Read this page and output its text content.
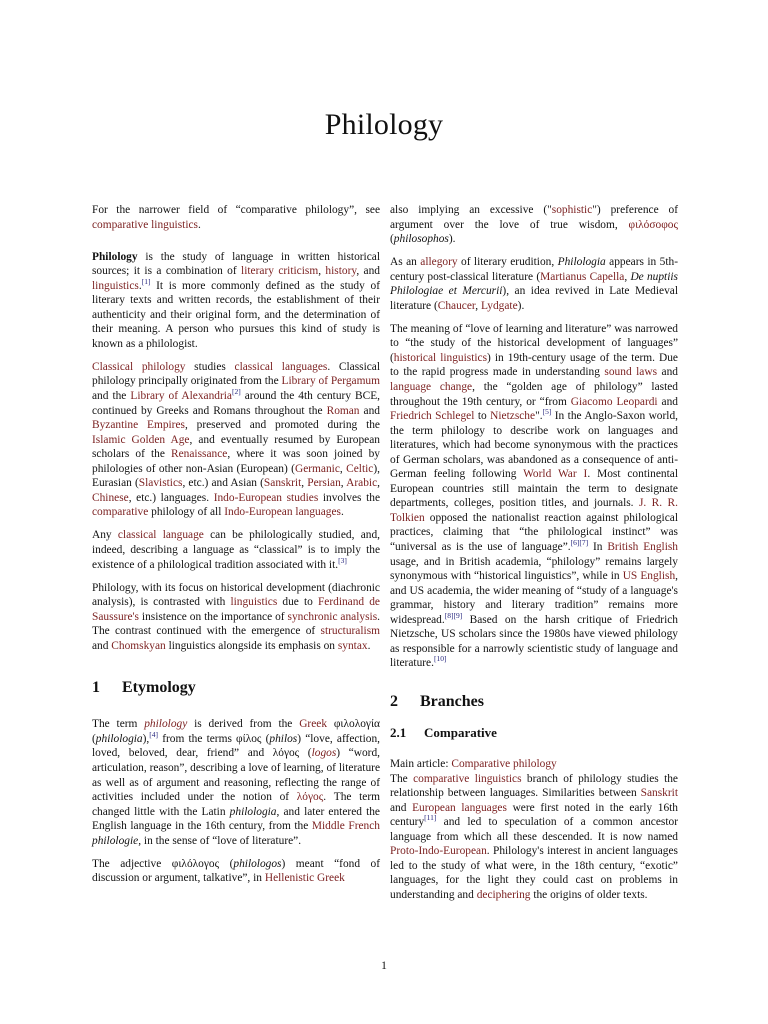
Philology

For the narrower field of “comparative philology”, see comparative linguistics.

Philology is the study of language in written historical sources; it is a combination of literary criticism, history, and linguistics.[1] It is more commonly defined as the study of literary texts and written records, the establishment of their authenticity and their original form, and the determination of their meaning. A person who pursues this kind of study is known as a philologist.

Classical philology studies classical languages. Classical philology principally originated from the Library of Pergamum and the Library of Alexandria[2] around the 4th century BCE, continued by Greeks and Romans throughout the Roman and Byzantine Empires, preserved and promoted during the Islamic Golden Age, and eventually resumed by European scholars of the Renaissance, where it was soon joined by philologies of other non-Asian (European) (Germanic, Celtic), Eurasian (Slavistics, etc.) and Asian (Sanskrit, Persian, Arabic, Chinese, etc.) languages. Indo-European studies involves the comparative philology of all Indo-European languages.

Any classical language can be philologically studied, and, indeed, describing a language as “classical” is to imply the existence of a philological tradition associated with it.[3]

Philology, with its focus on historical development (diachronic analysis), is contrasted with linguistics due to Ferdinand de Saussure's insistence on the importance of synchronic analysis. The contrast continued with the emergence of structuralism and Chomskyan linguistics alongside its emphasis on syntax.

1 Etymology

The term philology is derived from the Greek φιλολογία (philologia),[4] from the terms φίλος (philos) “love, affection, loved, beloved, dear, friend” and λόγος (logos) “word, articulation, reason”, describing a love of learning, of literature as well as of argument and reasoning, reflecting the range of activities included under the notion of λόγος. The term changed little with the Latin philologia, and later entered the English language in the 16th century, from the Middle French philologie, in the sense of “love of literature”.

The adjective φιλόλογος (philologos) meant “fond of discussion or argument, talkative”, in Hellenistic Greek

also implying an excessive ("sophistic") preference of argument over the love of true wisdom, φιλόσοφος (philosophos).

As an allegory of literary erudition, Philologia appears in 5th-century post-classical literature (Martianus Capella, De nuptiis Philologiae et Mercurii), an idea revived in Late Medieval literature (Chaucer, Lydgate).

The meaning of “love of learning and literature” was narrowed to “the study of the historical development of languages” (historical linguistics) in 19th-century usage of the term. Due to the rapid progress made in understanding sound laws and language change, the “golden age of philology” lasted throughout the 19th century, or “from Giacomo Leopardi and Friedrich Schlegel to Nietzsche".[5] In the Anglo-Saxon world, the term philology to describe work on languages and literatures, which had become synonymous with the practices of German scholars, was abandoned as a consequence of anti-German feeling following World War I. Most continental European countries still maintain the term to designate departments, colleges, position titles, and journals. J. R. R. Tolkien opposed the nationalist reaction against philological practices, claiming that “the philological instinct” was “universal as is the use of language”.[6][7] In British English usage, and in British academia, “philology” remains largely synonymous with “historical linguistics”, while in US English, and US academia, the wider meaning of “study of a language's grammar, history and literary tradition” remains more widespread.[8][9] Based on the harsh critique of Friedrich Nietzsche, US scholars since the 1980s have viewed philology as responsible for a narrowly scientistic study of language and literature.[10]

2 Branches
2.1 Comparative

Main article: Comparative philology

The comparative linguistics branch of philology studies the relationship between languages. Similarities between Sanskrit and European languages were first noted in the early 16th century[11] and led to speculation of a common ancestor language from which all these descended. It is now named Proto-Indo-European. Philology's interest in ancient languages led to the study of what were, in the 18th century, “exotic” languages, for the light they could cast on problems in understanding and deciphering the origins of older texts.

1
